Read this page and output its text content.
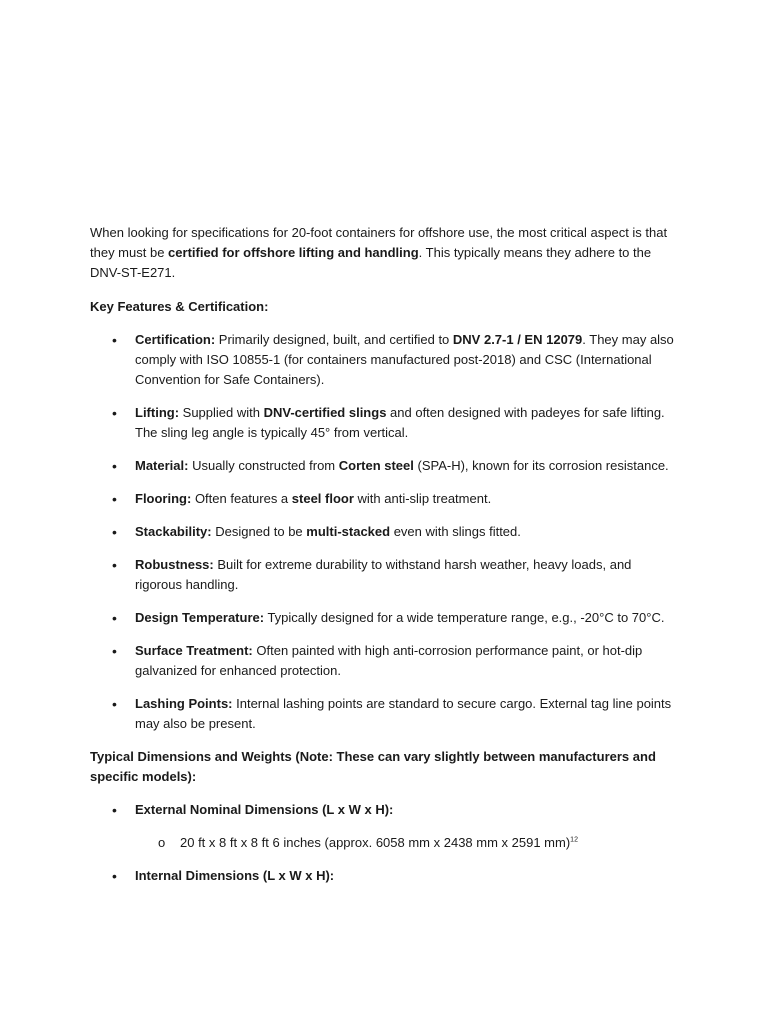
When looking for specifications for 20-foot containers for offshore use, the most critical aspect is that they must be certified for offshore lifting and handling. This typically means they adhere to the DNV-ST-E271.

Key Features & Certification:

• Certification: Primarily designed, built, and certified to DNV 2.7-1 / EN 12079. They may also comply with ISO 10855-1 (for containers manufactured post-2018) and CSC (International Convention for Safe Containers).
• Lifting: Supplied with DNV-certified slings and often designed with padeyes for safe lifting. The sling leg angle is typically 45° from vertical.
• Material: Usually constructed from Corten steel (SPA-H), known for its corrosion resistance.
• Flooring: Often features a steel floor with anti-slip treatment.
• Stackability: Designed to be multi-stacked even with slings fitted.
• Robustness: Built for extreme durability to withstand harsh weather, heavy loads, and rigorous handling.
• Design Temperature: Typically designed for a wide temperature range, e.g., -20°C to 70°C.
• Surface Treatment: Often painted with high anti-corrosion performance paint, or hot-dip galvanized for enhanced protection.
• Lashing Points: Internal lashing points are standard to secure cargo. External tag line points may also be present.

Typical Dimensions and Weights (Note: These can vary slightly between manufacturers and specific models):

• External Nominal Dimensions (L x W x H):
o 20 ft x 8 ft x 8 ft 6 inches (approx. 6058 mm x 2438 mm x 2591 mm)$^{12}$
• Internal Dimensions (L x W x H):
